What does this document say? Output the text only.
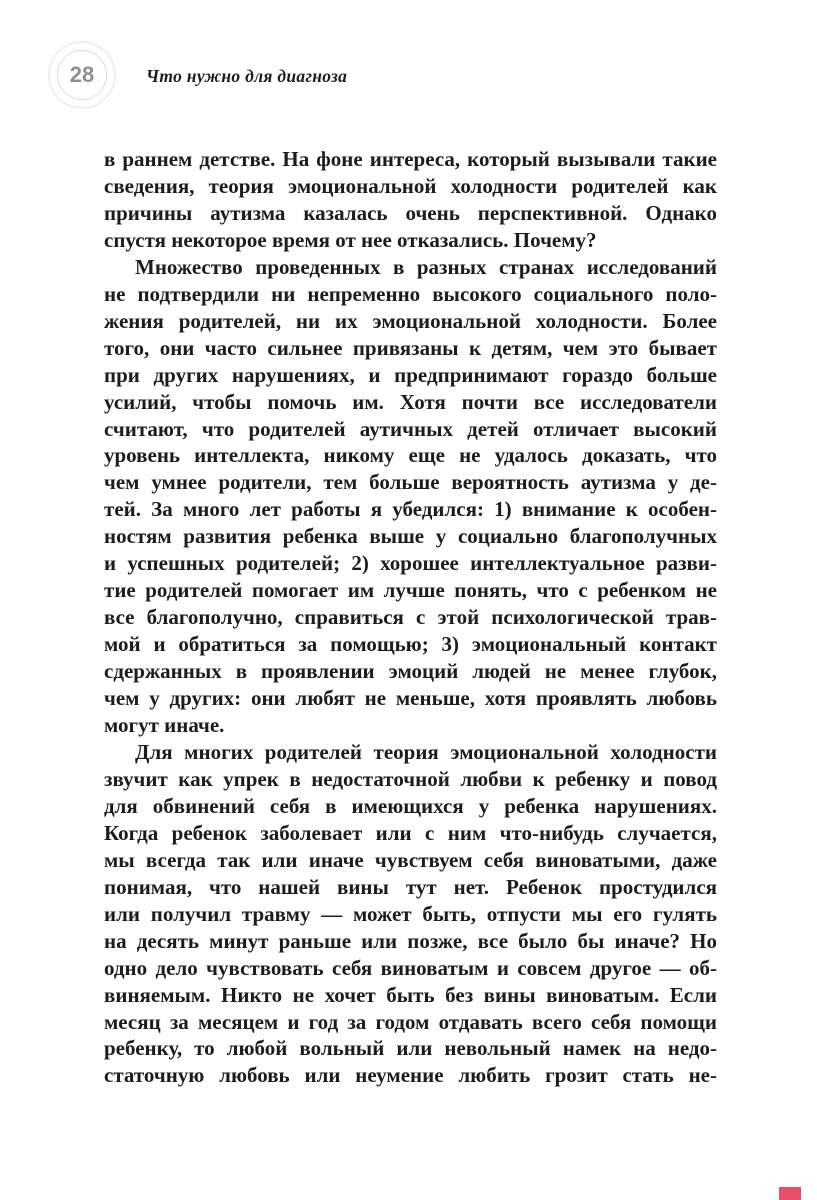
28	Что нужно для диагноза
в раннем детстве. На фоне интереса, который вызывали такие
сведения, теория эмоциональной холодности родителей как
причины аутизма казалась очень перспективной. Однако
спустя некоторое время от нее отказались. Почему?
Множество проведенных в разных странах исследований
не подтвердили ни непременно высокого социального поло-
жения родителей, ни их эмоциональной холодности. Более
того, они часто сильнее привязаны к детям, чем это бывает
при других нарушениях, и предпринимают гораздо больше
усилий, чтобы помочь им. Хотя почти все исследователи
считают, что родителей аутичных детей отличает высокий
уровень интеллекта, никому еще не удалось доказать, что
чем умнее родители, тем больше вероятность аутизма у де-
тей. За много лет работы я убедился: 1) внимание к особен-
ностям развития ребенка выше у социально благополучных
и успешных родителей; 2) хорошее интеллектуальное разви-
тие родителей помогает им лучше понять, что с ребенком не
все благополучно, справиться с этой психологической трав-
мой и обратиться за помощью; 3) эмоциональный контакт
сдержанных в проявлении эмоций людей не менее глубок,
чем у других: они любят не меньше, хотя проявлять любовь
могут иначе.
Для многих родителей теория эмоциональной холодности
звучит как упрек в недостаточной любви к ребенку и повод
для обвинений себя в имеющихся у ребенка нарушениях.
Когда ребенок заболевает или с ним что-нибудь случается,
мы всегда так или иначе чувствуем себя виноватыми, даже
понимая, что нашей вины тут нет. Ребенок простудился
или получил травму — может быть, отпусти мы его гулять
на десять минут раньше или позже, все было бы иначе? Но
одно дело чувствовать себя виноватым и совсем другое — об-
виняемым. Никто не хочет быть без вины виноватым. Если
месяц за месяцем и год за годом отдавать всего себя помощи
ребенку, то любой вольный или невольный намек на недо-
статочную любовь или неумение любить грозит стать не-
